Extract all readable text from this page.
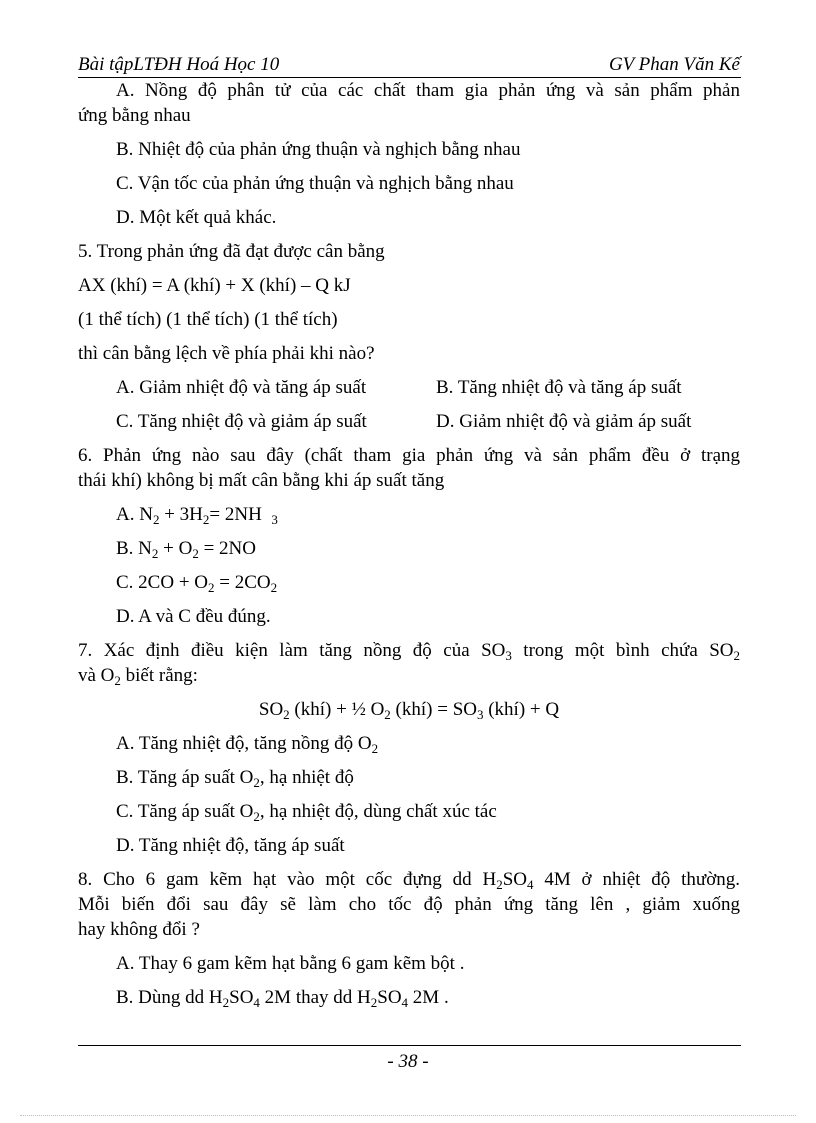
Bài tậpLTĐH Hoá Học 10	GV Phan Văn Kế

A. Nồng độ phân tử của các chất tham gia phản ứng và sản phẩm phản

ứng bằng nhau

B. Nhiệt độ của phản ứng thuận và nghịch bằng nhau

C. Vận tốc của phản ứng thuận và nghịch bằng nhau

D. Một kết quả khác.

5. Trong phản ứng đã đạt được cân bằng

AX (khí) = A (khí) + X (khí) – Q kJ

(1 thể tích) (1 thể tích) (1 thể tích)

thì cân bằng lệch về phía phải khi nào?

A. Giảm nhiệt độ và tăng áp suất	B. Tăng nhiệt độ và tăng áp suất
C. Tăng nhiệt độ và giảm áp suất	D. Giảm nhiệt độ và giảm áp suất

6. Phản ứng nào sau đây (chất tham gia phản ứng và sản phẩm đều ở trạng

thái khí) không bị mất cân bằng khi áp suất tăng

A. $N_2 + 3H_2= 2NH$ $_3$

B. $N_2 + O_2 = 2NO$

C. $2CO + O_2 = 2CO_2$

D. A và C đều đúng.

7. Xác định điều kiện làm tăng nồng độ của $SO_3$ trong một bình chứa $SO_2$

và $O_2$ biết rằng:

$SO_2$ (khí) + ½ $O_2$ (khí) = $SO_3$ (khí) + Q

A. Tăng nhiệt độ, tăng nồng độ $O_2$

B. Tăng áp suất $O_2$, hạ nhiệt độ

C. Tăng áp suất $O_2$, hạ nhiệt độ, dùng chất xúc tác

D. Tăng nhiệt độ, tăng áp suất

8. Cho 6 gam kẽm hạt vào một cốc đựng dd $H_2SO_4$ 4M ở nhiệt độ thường.

Mỗi biến đổi sau đây sẽ làm cho tốc độ phản ứng tăng lên , giảm xuống

hay không đổi ?

A. Thay 6 gam kẽm hạt bằng 6 gam kẽm bột .

B. Dùng dd $H_2SO_4$ 2M thay dd $H_2SO_4$ 2M .

- 38 -
